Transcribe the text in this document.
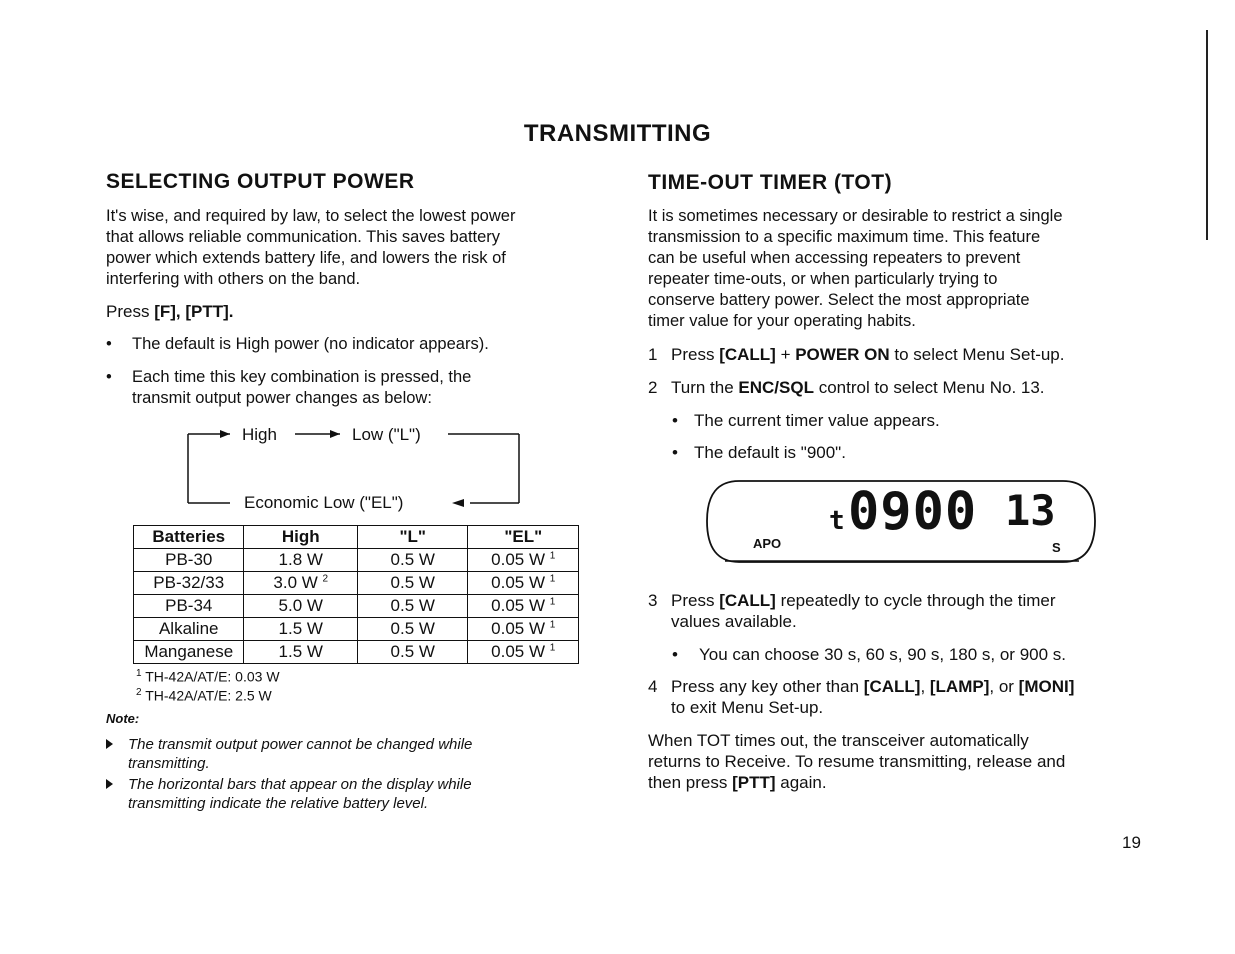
TRANSMITTING
SELECTING OUTPUT POWER
It's wise, and required by law, to select the lowest power
that allows reliable communication. This saves battery
power which extends battery life, and lowers the risk of
interfering with others on the band.
Press [F], [PTT].
• The default is High power (no indicator appears).
• Each time this key combination is pressed, the
transmit output power changes as below:
High	Low ("L")
Economic Low ("EL")
Batteries	High	"L"	"EL"
PB-30	1.8 W	0.5 W	0.05 W $^1$
PB-32/33	3.0 W $^2$	0.5 W	0.05 W $^1$
PB-34	5.0 W	0.5 W	0.05 W $^1$
Alkaline	1.5 W	0.5 W	0.05 W $^1$
Manganese	1.5 W	0.5 W	0.05 W $^1$
$^1$ TH-42A/AT/E: 0.03 W
$^2$ TH-42A/AT/E: 2.5 W
Note:
The transmit output power cannot be changed while
transmitting.
The horizontal bars that appear on the display while
transmitting indicate the relative battery level.
TIME-OUT TIMER (TOT)
It is sometimes necessary or desirable to restrict a single
transmission to a specific maximum time. This feature
can be useful when accessing repeaters to prevent
repeater time-outs, or when particularly trying to
conserve battery power. Select the most appropriate
timer value for your operating habits.
1 Press [CALL] + POWER ON to select Menu Set-up.
2 Turn the ENC/SQL control to select Menu No. 13.
• The current timer value appears.
• The default is "900".
t 0900 13
APO	S
3 Press [CALL] repeatedly to cycle through the timer
values available.
• You can choose 30 s, 60 s, 90 s, 180 s, or 900 s.
4 Press any key other than [CALL], [LAMP], or [MONI]
to exit Menu Set-up.
When TOT times out, the transceiver automatically
returns to Receive. To resume transmitting, release and
then press [PTT] again.
19
